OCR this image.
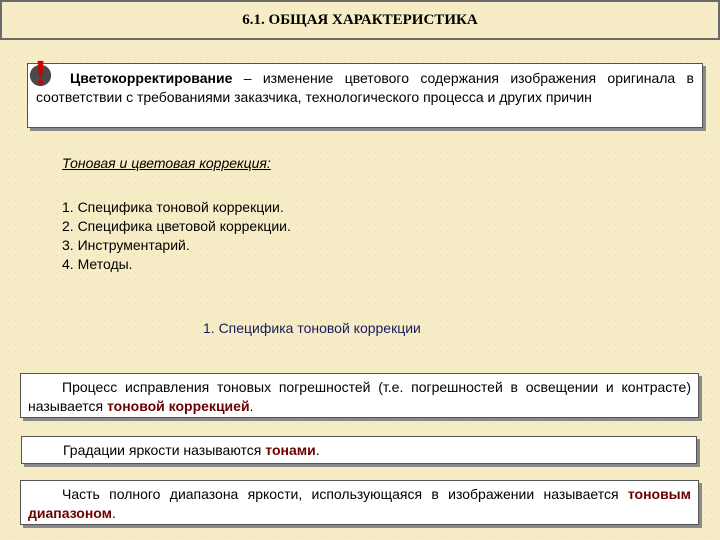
6.1. ОБЩАЯ ХАРАКТЕРИСТИКА
Цветокорректирование – изменение цветового содержания изображения оригинала в соответствии с требованиями заказчика, технологического процесса и других причин
Тоновая и цветовая коррекция:
1. Специфика тоновой коррекции.
2. Специфика цветовой коррекции.
3. Инструментарий.
4. Методы.
1. Специфика тоновой коррекции
Процесс исправления тоновых погрешностей (т.е. погрешностей в освещении и контрасте) называется тоновой коррекцией.
Градации яркости называются тонами.
Часть полного диапазона яркости, использующаяся в изображении называется тоновым диапазоном.
